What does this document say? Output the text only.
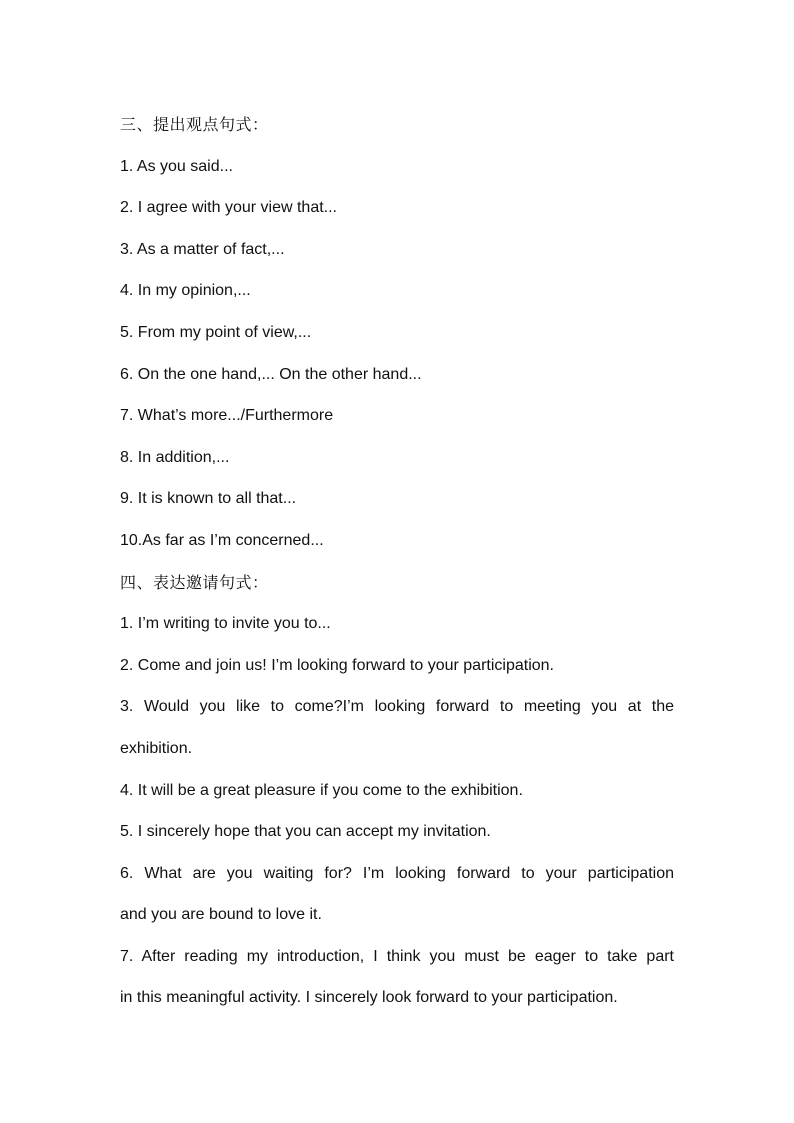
三、提出观点句式：
1. As you said...
2. I agree with your view that...
3. As a matter of fact,...
4. In my opinion,...
5. From my point of view,...
6. On the one hand,... On the other hand...
7. What’s more.../Furthermore
8. In addition,...
9. It is known to all that...
10.As far as I’m concerned...
四、表达邀请句式：
1. I’m writing to invite you to...
2. Come and join us! I’m looking forward to your participation.
3. Would you like to come?I’m looking forward to meeting you at the
exhibition.
4. It will be a great pleasure if you come to the exhibition.
5. I sincerely hope that you can accept my invitation.
6. What are you waiting for? I’m looking forward to your participation
and you are bound to love it.
7. After reading my introduction, I think you must be eager to take part
in this meaningful activity. I sincerely look forward to your participation.
